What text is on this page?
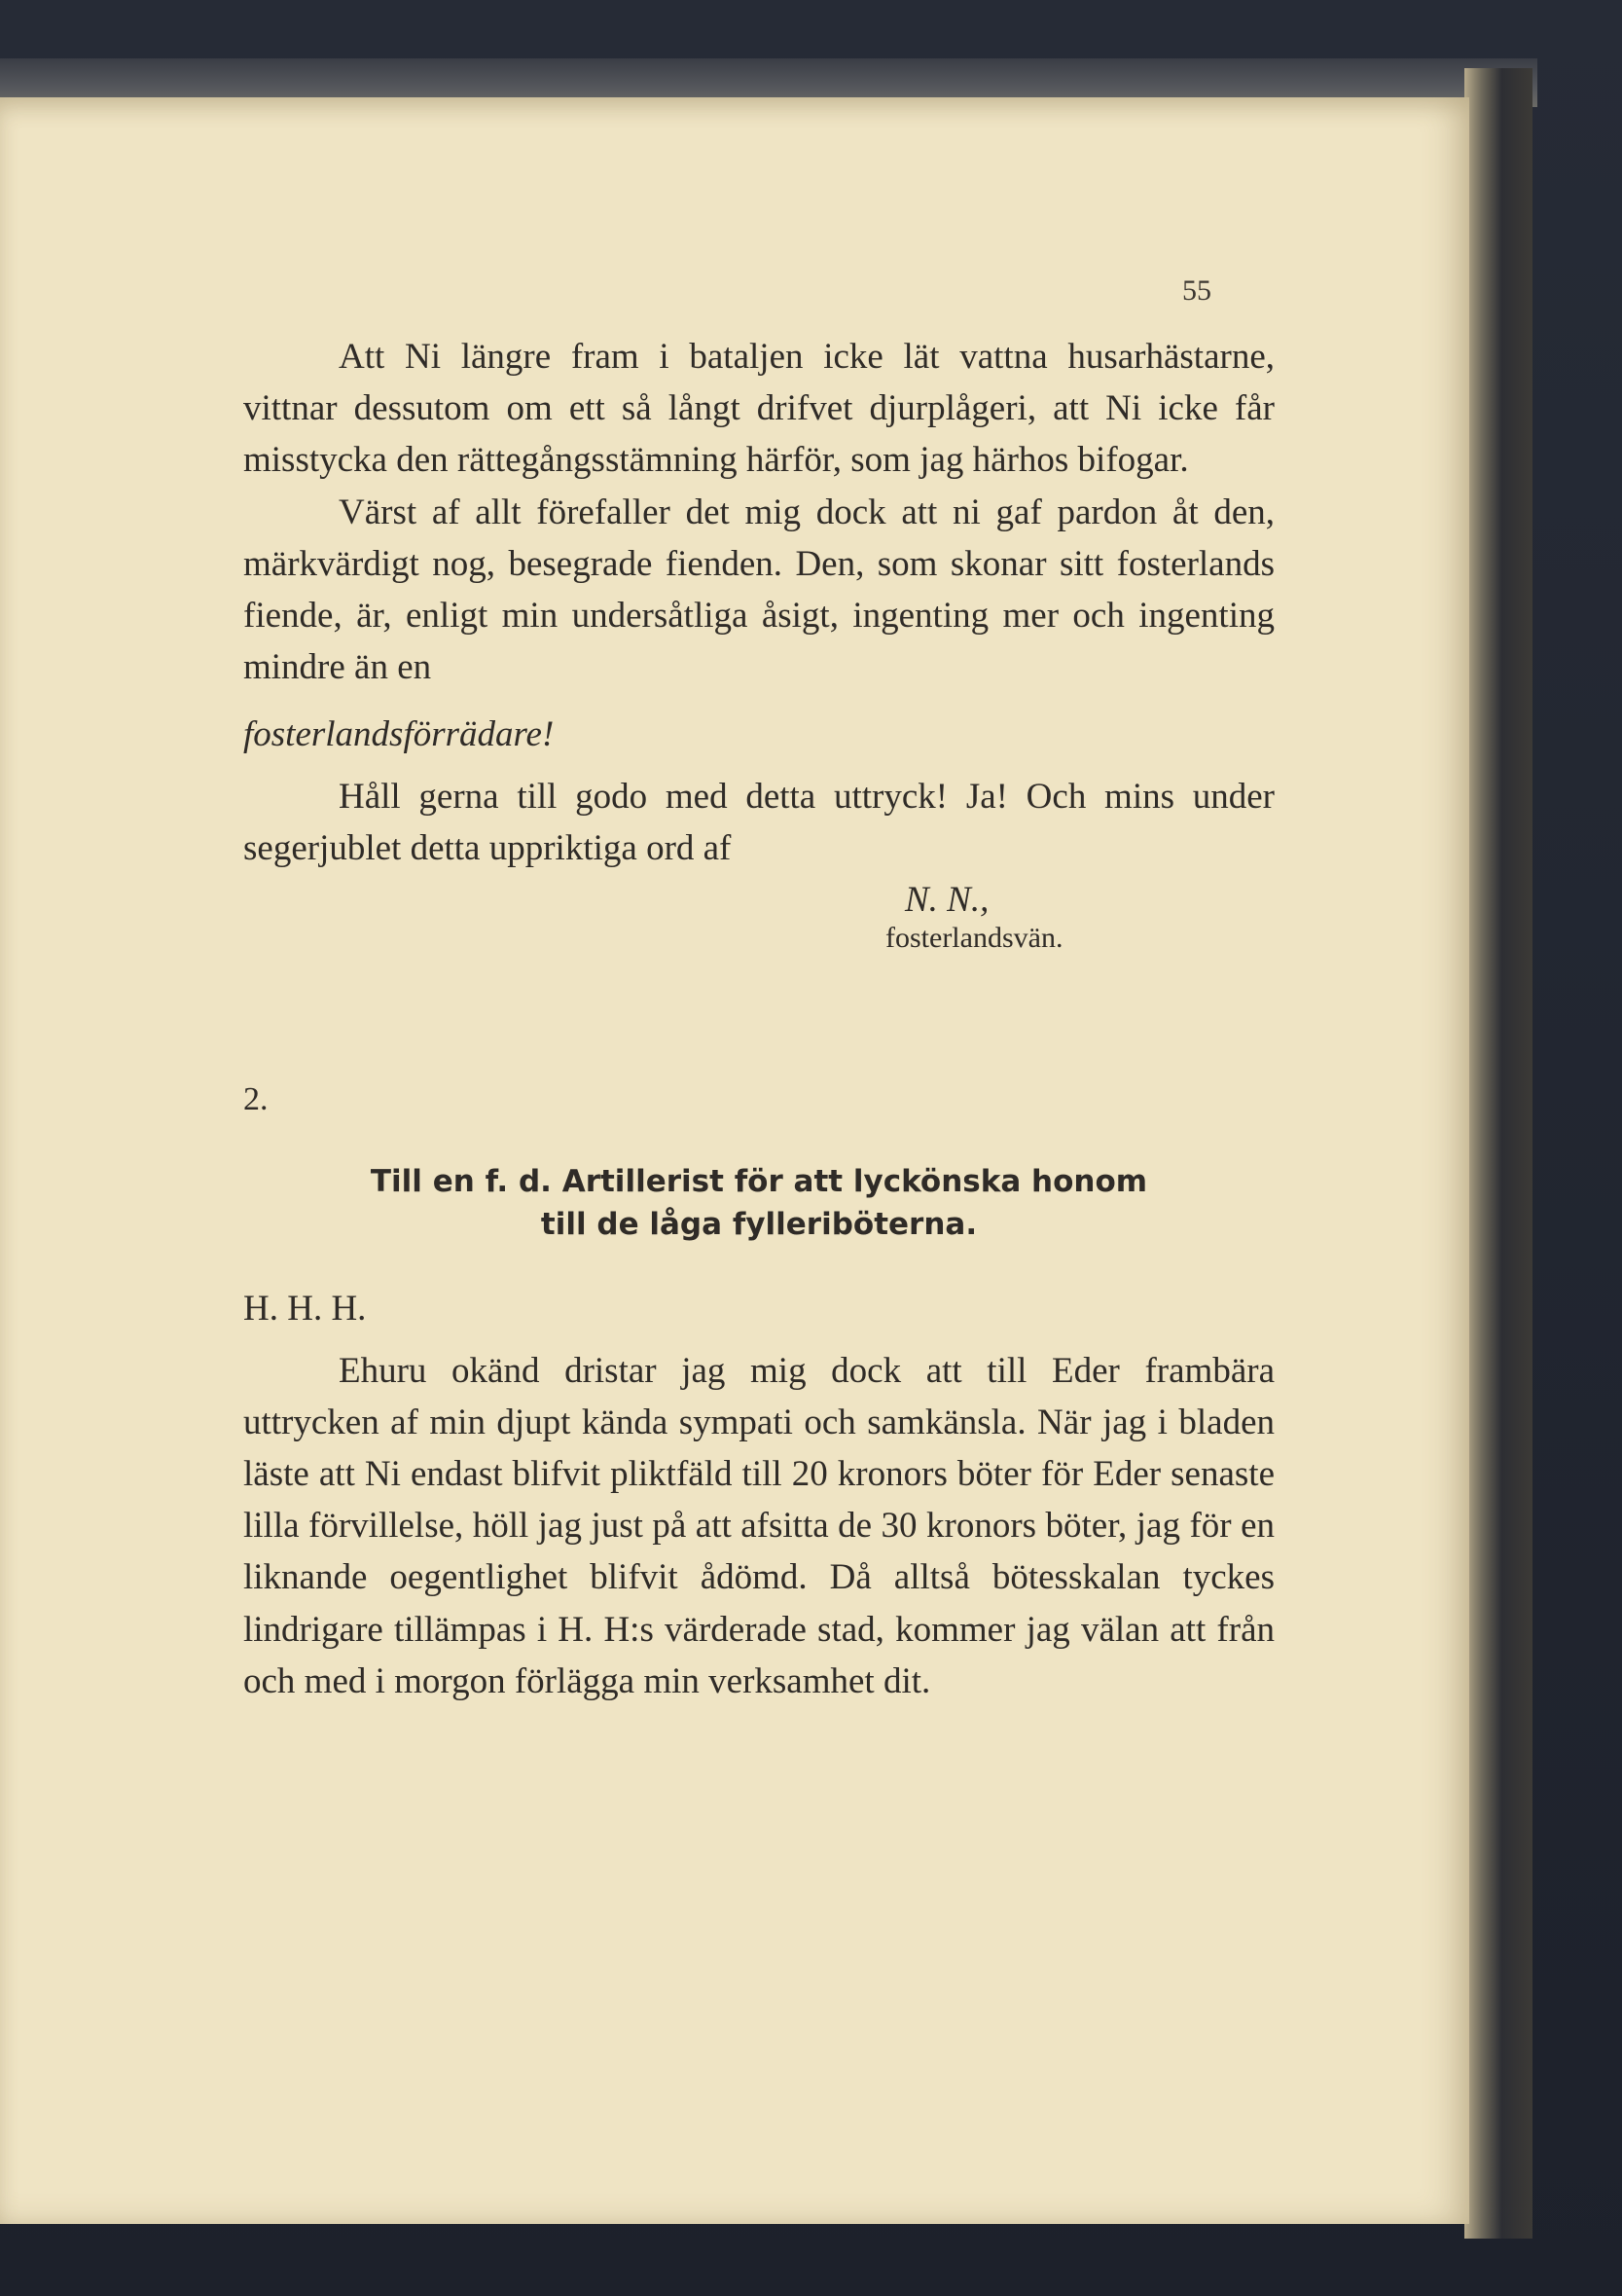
55

Att Ni längre fram i bataljen icke lät vattna husarhästarne, vittnar dessutom om ett så långt drifvet djurplågeri, att Ni icke får misstycka den rättegångsstämning härför, som jag härhos bifogar.

Värst af allt förefaller det mig dock att ni gaf pardon åt den, märkvärdigt nog, besegrade fienden. Den, som skonar sitt fosterlands fiende, är, enligt min undersåtliga åsigt, ingenting mer och ingenting mindre än en

fosterlandsförrädare!

Håll gerna till godo med detta uttryck! Ja! Och mins under segerjublet detta uppriktiga ord af

N. N.,

fosterlandsvän.

2.

Till en f. d. Artillerist för att lyckönska honom
till de låga fylleriböterna.

H. H. H.

Ehuru okänd dristar jag mig dock att till Eder frambära uttrycken af min djupt kända sympati och samkänsla. När jag i bladen läste att Ni endast blifvit pliktfäld till 20 kronors böter för Eder senaste lilla förvillelse, höll jag just på att afsitta de 30 kronors böter, jag för en liknande oegentlighet blifvit ådömd. Då alltså bötesskalan tyckes lindrigare tillämpas i H. H:s värderade stad, kommer jag välan att från och med i morgon förlägga min verksamhet dit.
